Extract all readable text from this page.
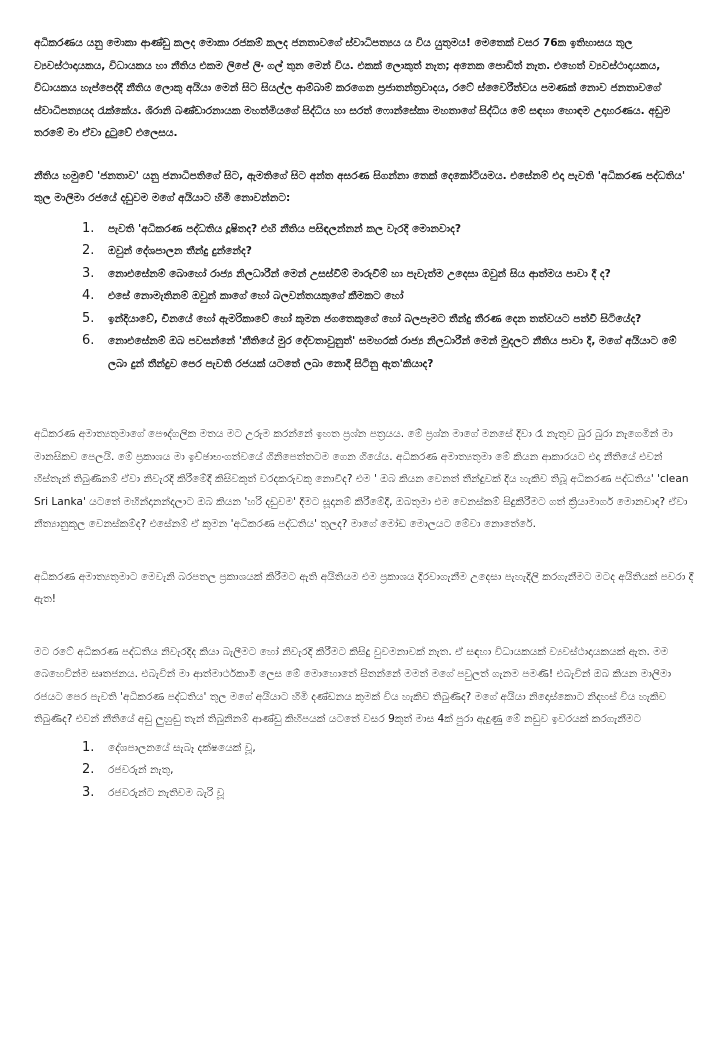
අධිකරණය යනු මොකා ආණ්ඩු කලද මොකා රජකම් කලද ජනතාවගේ ස්වාධිපත්‍යය ය විය යුතුමය! මෙතෙක් වසර 76ක ඉතිහාසය තුල ව්‍යවස්ථාදායකය, විධායකය හා නීතිය එකම ලිපේ ලිං ගල් තුන මෙන් විය. එකක් ලොකුත් නැත; අනෙක පොඩිත් නැත. එහෙත් ව්‍යවස්ථාදායකය, විධායකය හැප්පෙද්දී නීතිය ලොකු අයියා මෙන් සිට සියල්ල ආම්බාම් කරගෙන ප්‍රජාතන්ත්‍රවාදය, රටේ ස්වෛරීත්වය පමණක් නොව ජනතාවගේ ස්වාධිපත්‍යයද රැක්කේය. ශිරානි බණ්ඩාරනායක මහත්මියගේ සිද්ධිය හා සරත් ෆොන්සේකා මහතාගේ සිද්ධිය මේ සඳහා හොඳම උදාහරණය. අඩුම තරමේ මා ඒවා දුටුවේ එලෙසය.

නීතිය හමුවේ 'ජනතාව' යනු ජනාධිපතිගේ සිට, ඇමතිගේ සිට අන්ත අසරණ සිගන්නා තෙක් දෙකෝටියමය. එසේනම් එදා පැවති 'අධිකරණ පද්ධතිය' තුල මාලිමා රජයේ දඩුවම මගේ අයියාට හිමි නොවන්නට:

1.	පැවති 'අධිකරණ පද්ධතිය දූෂිතද? එහි නීතිය පසිඳලන්නන් කල වැරදි මොනවාද?
2.	ඔවුන් දේශපාලන තීන්දු දුන්නේද?
3.	නොඑසේනම් බොහෝ රාජ්‍ය නිලධාරීන් මෙන් උසස්වීම් මාරුවීම් හා පැවැත්ම උදෙසා ඔවුන් සිය ආත්මය පාවා දී ද?
4.	එසේ නොමැතිනම් ඔවුන් කාගේ හෝ බලවන්තයකුගේ කීමකට හෝ
5.	ඉන්දියාවේ, චීනයේ හෝ ඇමරිකාවේ හෝ කුමන ජගතෙකුගේ හෝ බලපෑමට තීන්දු තීරණ දෙන තත්වයට පත්වී සිටියේද?
6.	නොඑසේනම් ඔබ පවසන්නේ 'නීතියේ මුර දේවතාවුනුත්' සමහරක් රාජ්‍ය නිලධාරීන් මෙන් මුදලට නීතිය පාවා දී, මගේ අයියාට මේ ලබා දුන් තීන්දුව පෙර පැවති රජයක් යටතේ ලබා නොදී සිටිනු ඇත'කියාද?

අධිකරණ අමාත්‍යතුමාගේ පෞද්ගලික මතය මට උරුම කරන්නේ ඉහත ප්‍රශ්න පත්‍රයය. මේ ප්‍රශ්න මාගේ මනසේ දිවා රෑ නැතුව බුර බුරා නැගෙමින් මා මානසිකව පෙලයි. මේ ප්‍රකාශය මා ඉච්ඡාභංගත්වයේ ගිනිපෙත්තටම ගෙන ගියේය. අධිකරණ අමාත්‍යතුමා මේ කියන ආකාරයට එදා නීතියේ එවන් හිස්තැන් තිබුණිනම් ඒවා නිවැරදි කිරීමේදී කිසිවකුත් වරදකරුවකු නොවීද? එම ' ඔබ කියන වෙනත් තීන්දුවක් දිය හැකිව තිබූ අධිකරණ පද්ධතිය' 'clean Sri Lanka' යටතේ මහින්දානන්දලාට ඔබ කියන 'හරි දඩුවම' දීමට සූදානම් කිරීමේදී, ඔබතුමා එම වෙනස්කම් සිදුකිරීමට ගත් ක්‍රියාමාර්ග මොනවාද? ඒවා නීත්‍යානුකූල වෙනස්කම්ද? එසේනම් ඒ කුමන 'අධිකරණ පද්ධතිය' තුලද? මාගේ මෝඩ මොලයට මේවා නොතේරේ.

අධිකරණ අමාත්‍යතුමාට මෙවැනි බරපතල ප්‍රකාශයක් කිරීමට ඇති අයිතියම එම ප්‍රකාශය දිරවාගැනීම උදෙසා පැහැදිලි කරගැනීමට මටද අයිතියක් පවරා දී ඇත!

මට රටේ අධිකරණ පද්ධතිය නිවැරදිද කියා බැලීමට හෝ නිවැරදි කිරීමට කිසිදු වුවමනාවක් නැත. ඒ සඳහා විධායකයක් ව්‍යවස්ථාදායකයක් ඇත. මම බෙහෙවින්ම සෘතජනය. එබැවින් මා ආත්මාර්ථකාමී ලෙස මේ මොහොතේ සිතන්නේ මමත් මගේ පවුලත් ගැනම පමණි! එබැවින් ඔබ කියන මාලිමා රජයට පෙර පැවති 'අධිකරණ පද්ධතිය' තුල මගේ අයියාට හිමි දණ්ඩනය කුමක් විය හැකිව තිබුණිද? මගේ අයියා නිදොස්කොට නිදහස් විය හැකිව තිබුණිද? එවන් නීතියේ අඩු ලුහුඬු තැන් තිබුනිනම් ආණ්ඩු කිහිපයක් යටතේ වසර 9කුත් මාස 4ක් පුරා ඇදුණු මේ නඩුව ඉවරයක් කරගැනීමට

1.	දේශපාලනයේ සැබෑ දක්ෂයෙක් වූ,
2.	රජවරුන් නැතු,
3.	රජවරුන්ට නැතිවම බැරි වූ
